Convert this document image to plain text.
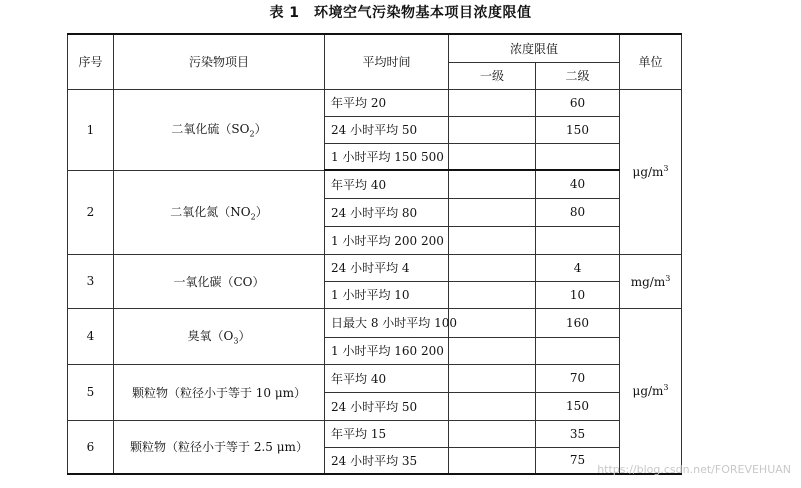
表 1　环境空气污染物基本项目浓度限值
序号	污染物项目	平均时间	浓度限值		单位
			一级	二级	
1	二氧化硫$(SO_2)$	年平均 20		60	$\mu g/m^3$
		24 小时平均 50		150	
		1 小时平均 150 500			
2	二氧化氮$(NO_2)$	年平均 40		40	
		24 小时平均 80		80	
		1 小时平均 200 200			
3	一氧化碳（CO）	24 小时平均 4		4	$mg/m^3$
		1 小时平均 10		10	
4	臭氧$(O_3)$	日最大 8 小时平均 100		160	$\mu g/m^3$
		1 小时平均 160 200			
5	颗粒物（粒径小于等于 10 μm）	年平均 40		70	
		24 小时平均 50		150	
6	颗粒物（粒径小于等于 2.5 μm）	年平均 15		35	
		24 小时平均 35		75	
https://blog.csdn.net/FOREVEHUAN
